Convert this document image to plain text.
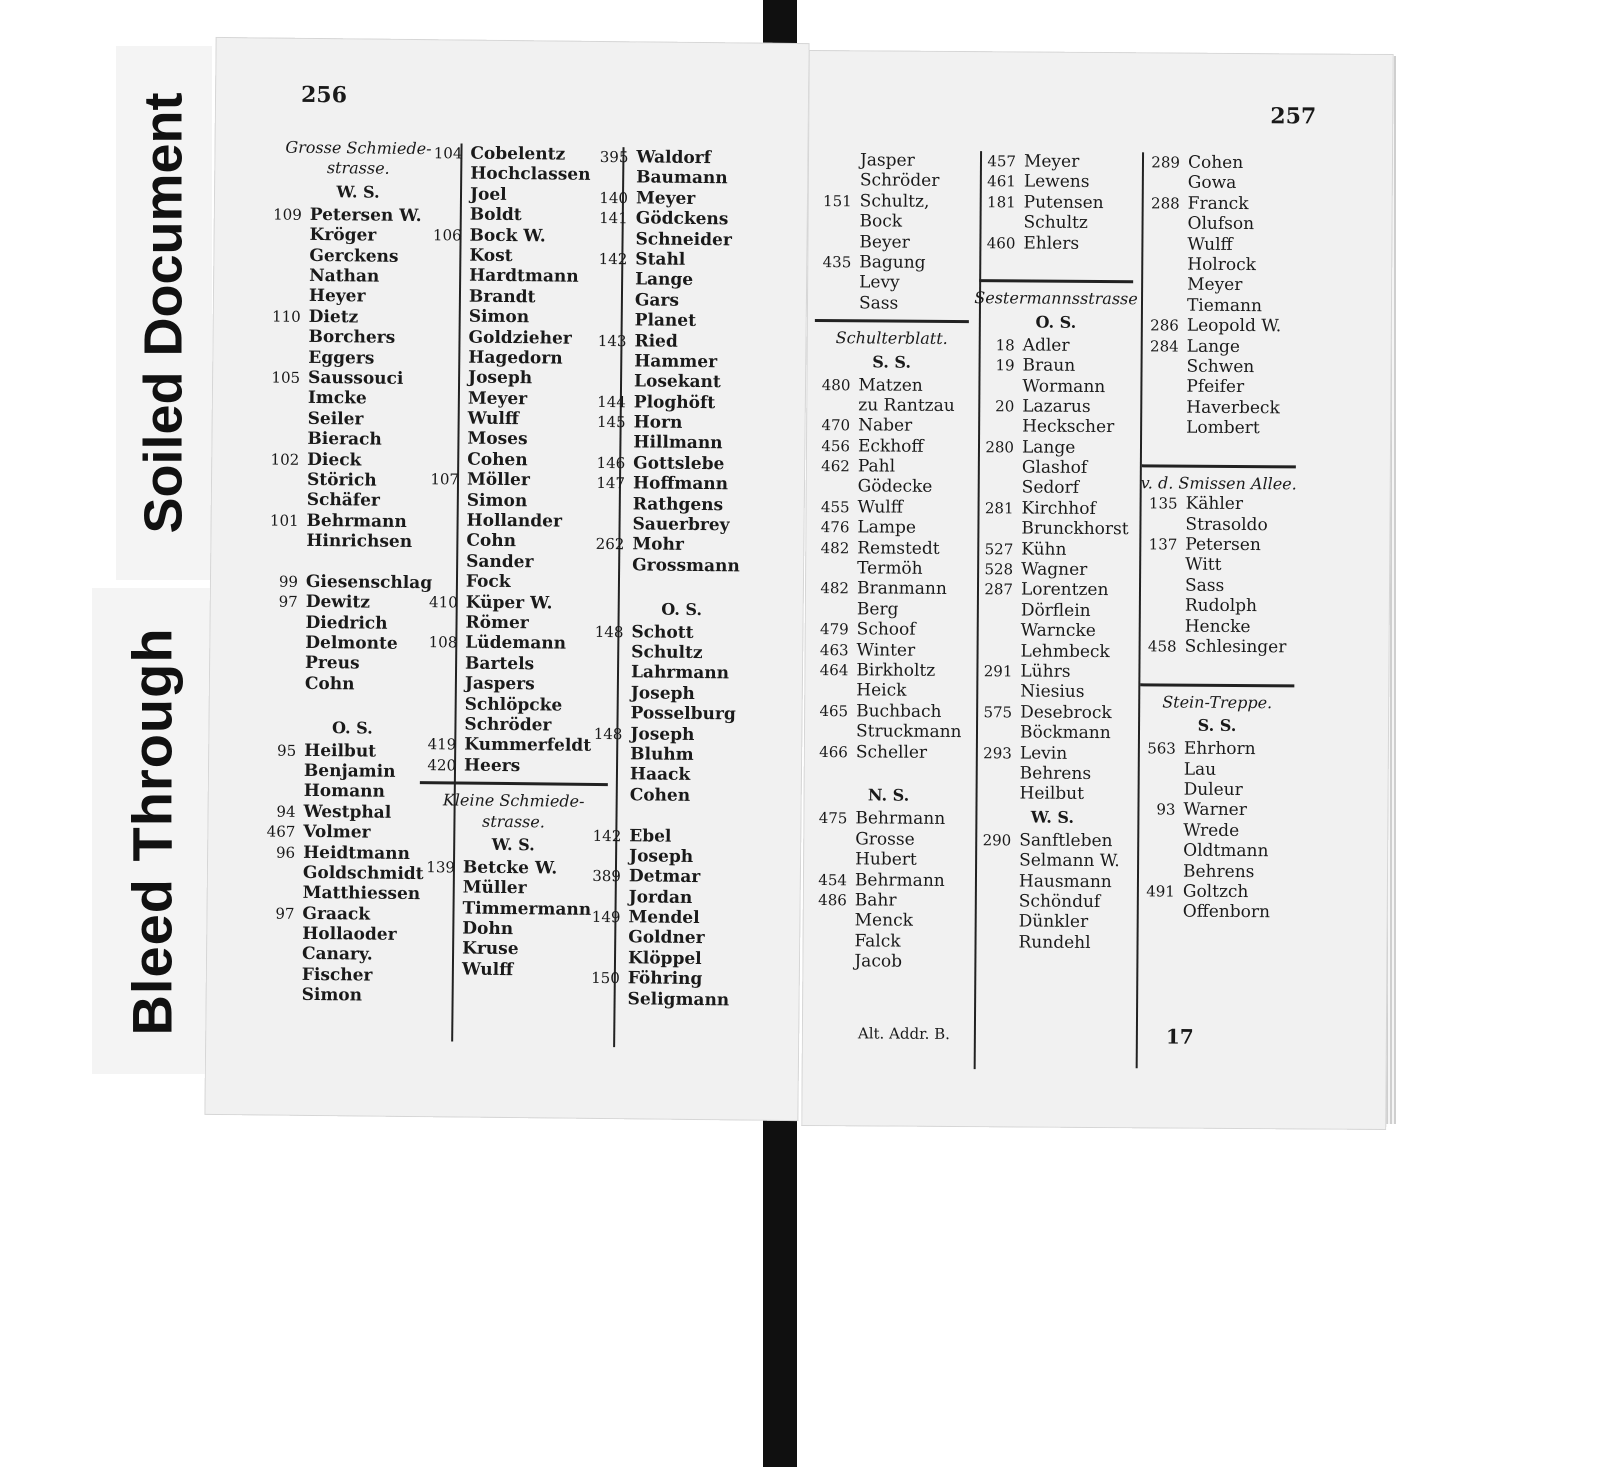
Soiled Document
Bleed Through
256
Grosse Schmiede-
strasse.
W. S.
109 Petersen W.
Kröger
Gerckens
Nathan
Heyer
110 Dietz
Borchers
Eggers
105 Saussouci
Imcke
Seiler
Bierach
102 Dieck
Störich
Schäfer
101 Behrmann
Hinrichsen
99 Giesenschlag
97 Dewitz
Diedrich
Delmonte
Preus
Cohn
O. S.
95 Heilbut
Benjamin
Homann
94 Westphal
467 Volmer
96 Heidtmann
Goldschmidt
Matthiessen
97 Graack
Hollaoder
Canary.
Fischer
Simon
104 Cobelentz
Hochclassen
Joel
Boldt
106 Bock W.
Kost
Hardtmann
Brandt
Simon
Goldzieher
Hagedorn
Joseph
Meyer
Wulff
Moses
Cohen
107 Möller
Simon
Hollander
Cohn
Sander
Fock
410 Küper W.
Römer
108 Lüdemann
Bartels
Jaspers
Schlöpcke
Schröder
419 Kummerfeldt
420 Heers
Kleine Schmiede-
strasse.
W. S.
139 Betcke W.
Müller
Timmermann
Dohn
Kruse
Wulff
395 Waldorf
Baumann
140 Meyer
141 Gödckens
Schneider
142 Stahl
Lange
Gars
Planet
143 Ried
Hammer
Losekant
144 Ploghöft
145 Horn
Hillmann
146 Gottslebe
147 Hoffmann
Rathgens
Sauerbrey
262 Mohr
Grossmann
O. S.
148 Schott
Schultz
Lahrmann
Joseph
Posselburg
148 Joseph
Bluhm
Haack
Cohen
142 Ebel
Joseph
389 Detmar
Jordan
149 Mendel
Goldner
Klöppel
150 Föhring
Seligmann
257
Jasper
Schröder
151 Schultz,
Bock
Beyer
435 Bagung
Levy
Sass
Schulterblatt.
S. S.
480 Matzen
zu Rantzau
470 Naber
456 Eckhoff
462 Pahl
Gödecke
455 Wulff
476 Lampe
482 Remstedt
Termöh
482 Branmann
Berg
479 Schoof
463 Winter
464 Birkholtz
Heick
465 Buchbach
Struckmann
466 Scheller
N. S.
475 Behrmann
Grosse
Hubert
454 Behrmann
486 Bahr
Menck
Falck
Jacob
457 Meyer
461 Lewens
181 Putensen
Schultz
460 Ehlers
Sestermannsstrasse
O. S.
18 Adler
19 Braun
Wormann
20 Lazarus
Heckscher
280 Lange
Glashof
Sedorf
281 Kirchhof
Brunckhorst
527 Kühn
528 Wagner
287 Lorentzen
Dörflein
Warncke
Lehmbeck
291 Lührs
Niesius
575 Desebrock
Böckmann
293 Levin
Behrens
Heilbut
W. S.
290 Sanftleben
Selmann W.
Hausmann
Schönduf
Dünkler
Rundehl
289 Cohen
Gowa
288 Franck
Olufson
Wulff
Holrock
Meyer
Tiemann
286 Leopold W.
284 Lange
Schwen
Pfeifer
Haverbeck
Lombert
v. d. Smissen Allee.
135 Kähler
Strasoldo
137 Petersen
Witt
Sass
Rudolph
Hencke
458 Schlesinger
Stein-Treppe.
S. S.
563 Ehrhorn
Lau
Duleur
93 Warner
Wrede
Oldtmann
Behrens
491 Goltzch
Offenborn
Alt. Addr. B.	17
